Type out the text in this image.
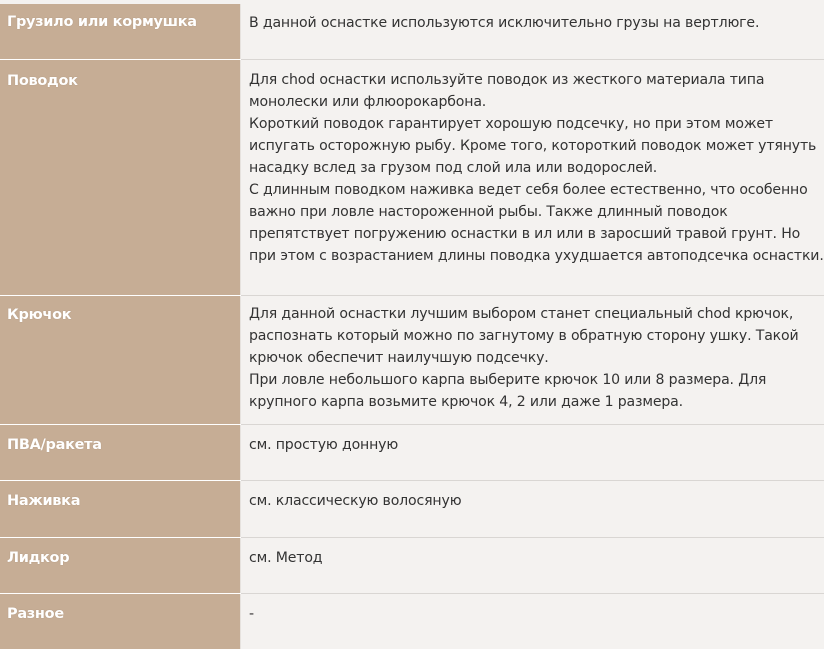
Грузило или кормушка	В данной оснастке используются исключительно грузы на вертлюге.

Поводок	Для chod оснастки используйте поводок из жесткого материала типа монолески или флюорокарбона.
Короткий поводок гарантирует хорошую подсечку, но при этом может испугать осторожную рыбу. Кроме того, котороткий поводок может утянуть насадку вслед за грузом под слой ила или водорослей.
С длинным поводком наживка ведет себя более естественно, что особенно важно при ловле настороженной рыбы. Также длинный поводок препятствует погружению оснастки в ил или в заросший травой грунт. Но при этом с возрастанием длины поводка ухудшается автоподсечка оснастки.

Крючок	Для данной оснастки лучшим выбором станет специальный chod крючок, распознать который можно по загнутому в обратную сторону ушку. Такой крючок обеспечит наилучшую подсечку.
При ловле небольшого карпа выберите крючок 10 или 8 размера. Для крупного карпа возьмите крючок 4, 2 или даже 1 размера.

ПВА/ракета	см. простую донную

Наживка	см. классическую волосяную

Лидкор	см. Метод

Разное	-
